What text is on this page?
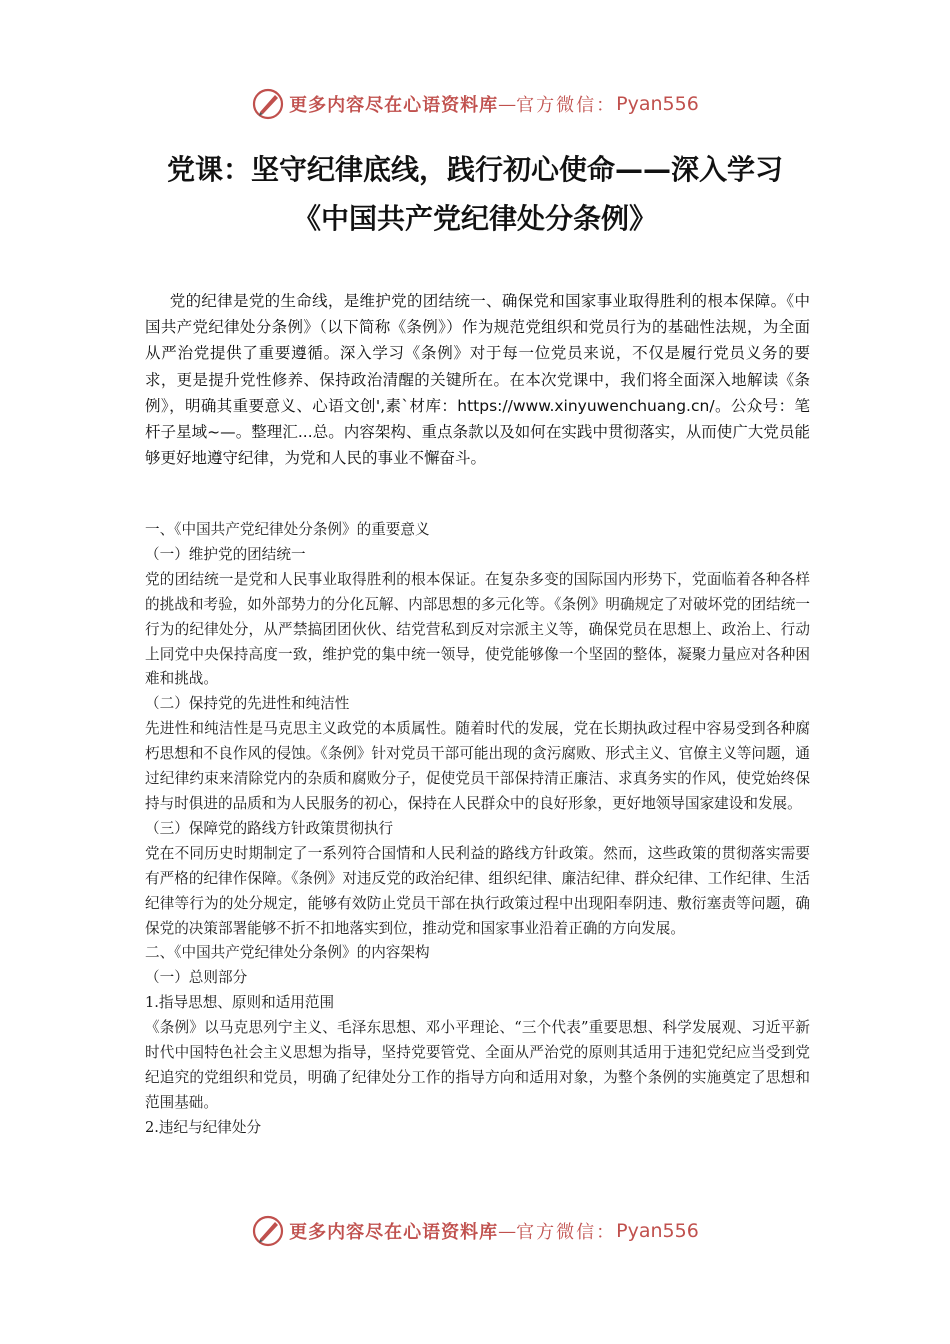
更多内容尽在心语资料库 — 官方微信： Pyan556
党课：坚守纪律底线，践行初心使命——深入学习
《中国共产党纪律处分条例》

党的纪律是党的生命线，是维护党的团结统一、确保党和国家事业取得胜利的根本保障。《中国共产党纪律处分条例》（以下简称《条例》）作为规范党组织和党员行为的基础性法规，为全面从严治党提供了重要遵循。深入学习《条例》对于每一位党员来说，不仅是履行党员义务的要求，更是提升党性修养、保持政治清醒的关键所在。在本次党课中，我们将全面深入地解读《条例》，明确其重要意义、心语文创',素`材库：https://www.xinyuwenchuang.cn/。公众号：笔杆子星域~—。整理汇...总。内容架构、重点条款以及如何在实践中贯彻落实，从而使广大党员能够更好地遵守纪律，为党和人民的事业不懈奋斗。

一、《中国共产党纪律处分条例》的重要意义

（一）维护党的团结统一

党的团结统一是党和人民事业取得胜利的根本保证。在复杂多变的国际国内形势下，党面临着各种各样的挑战和考验，如外部势力的分化瓦解、内部思想的多元化等。《条例》明确规定了对破坏党的团结统一行为的纪律处分，从严禁搞团团伙伙、结党营私到反对宗派主义等，确保党员在思想上、政治上、行动上同党中央保持高度一致，维护党的集中统一领导，使党能够像一个坚固的整体，凝聚力量应对各种困难和挑战。

（二）保持党的先进性和纯洁性

先进性和纯洁性是马克思主义政党的本质属性。随着时代的发展，党在长期执政过程中容易受到各种腐朽思想和不良作风的侵蚀。《条例》针对党员干部可能出现的贪污腐败、形式主义、官僚主义等问题，通过纪律约束来清除党内的杂质和腐败分子，促使党员干部保持清正廉洁、求真务实的作风，使党始终保持与时俱进的品质和为人民服务的初心，保持在人民群众中的良好形象，更好地领导国家建设和发展。

（三）保障党的路线方针政策贯彻执行

党在不同历史时期制定了一系列符合国情和人民利益的路线方针政策。然而，这些政策的贯彻落实需要有严格的纪律作保障。《条例》对违反党的政治纪律、组织纪律、廉洁纪律、群众纪律、工作纪律、生活纪律等行为的处分规定，能够有效防止党员干部在执行政策过程中出现阳奉阴违、敷衍塞责等问题，确保党的决策部署能够不折不扣地落实到位，推动党和国家事业沿着正确的方向发展。

二、《中国共产党纪律处分条例》的内容架构

（一）总则部分

1.指导思想、原则和适用范围

《条例》以马克思列宁主义、毛泽东思想、邓小平理论、“三个代表”重要思想、科学发展观、习近平新时代中国特色社会主义思想为指导，坚持党要管党、全面从严治党的原则其适用于违犯党纪应当受到党纪追究的党组织和党员，明确了纪律处分工作的指导方向和适用对象，为整个条例的实施奠定了思想和范围基础。

2.违纪与纪律处分

更多内容尽在心语资料库 — 官方微信： Pyan556
